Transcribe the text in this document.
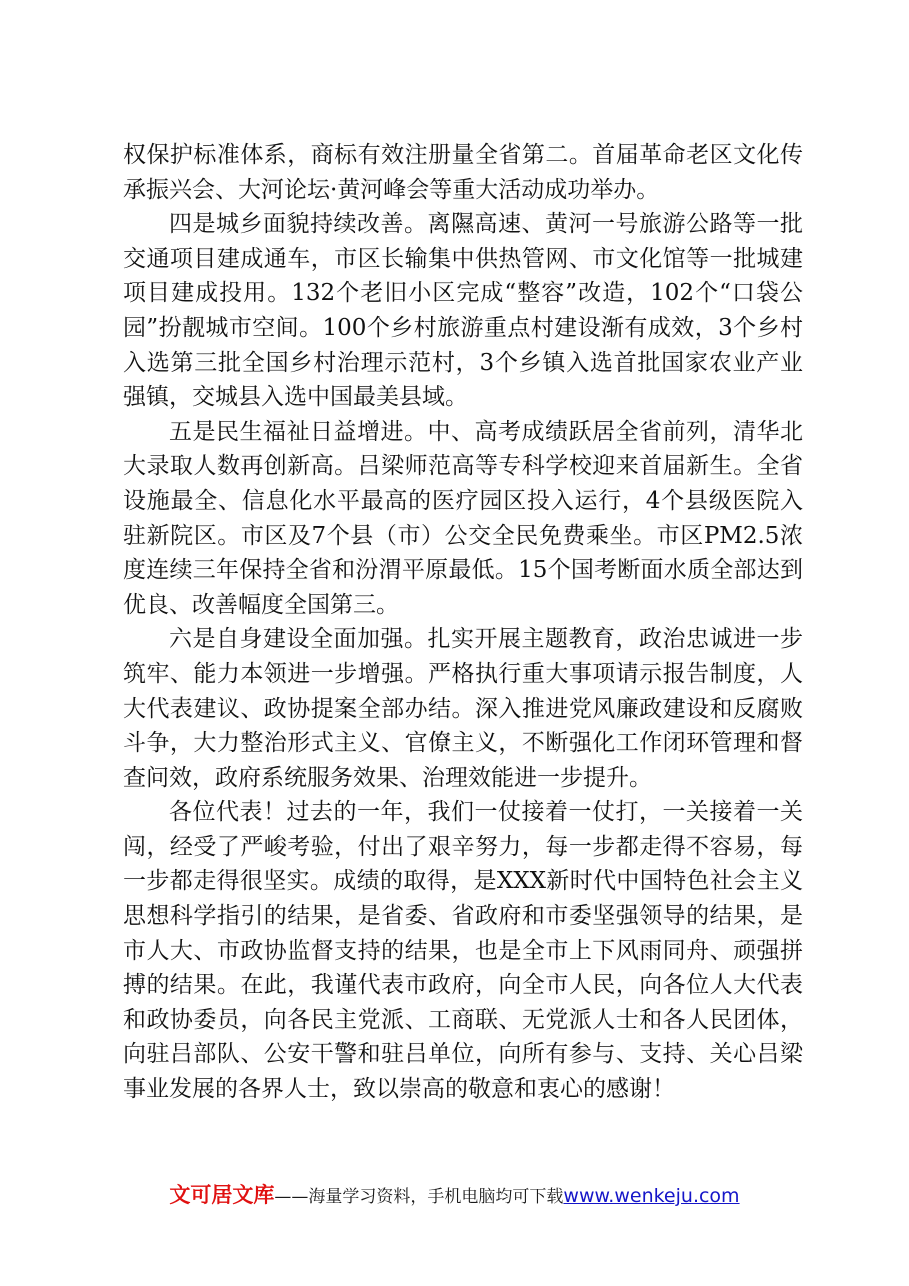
权保护标准体系，商标有效注册量全省第二。首届革命老区文化传承振兴会、大河论坛·黄河峰会等重大活动成功举办。

四是城乡面貌持续改善。离隰高速、黄河一号旅游公路等一批交通项目建成通车，市区长输集中供热管网、市文化馆等一批城建项目建成投用。132个老旧小区完成“整容”改造，102个“口袋公园”扮靓城市空间。100个乡村旅游重点村建设渐有成效，3个乡村入选第三批全国乡村治理示范村，3个乡镇入选首批国家农业产业强镇，交城县入选中国最美县域。

五是民生福祉日益增进。中、高考成绩跃居全省前列，清华北大录取人数再创新高。吕梁师范高等专科学校迎来首届新生。全省设施最全、信息化水平最高的医疗园区投入运行，4个县级医院入驻新院区。市区及7个县（市）公交全民免费乘坐。市区PM2.5浓度连续三年保持全省和汾渭平原最低。15个国考断面水质全部达到优良、改善幅度全国第三。

六是自身建设全面加强。扎实开展主题教育，政治忠诚进一步筑牢、能力本领进一步增强。严格执行重大事项请示报告制度，人大代表建议、政协提案全部办结。深入推进党风廉政建设和反腐败斗争，大力整治形式主义、官僚主义，不断强化工作闭环管理和督查问效，政府系统服务效果、治理效能进一步提升。

各位代表！过去的一年，我们一仗接着一仗打，一关接着一关闯，经受了严峻考验，付出了艰辛努力，每一步都走得不容易，每一步都走得很坚实。成绩的取得，是XXX新时代中国特色社会主义思想科学指引的结果，是省委、省政府和市委坚强领导的结果，是市人大、市政协监督支持的结果，也是全市上下风雨同舟、顽强拼搏的结果。在此，我谨代表市政府，向全市人民，向各位人大代表和政协委员，向各民主党派、工商联、无党派人士和各人民团体，向驻吕部队、公安干警和驻吕单位，向所有参与、支持、关心吕梁事业发展的各界人士，致以崇高的敬意和衷心的感谢！

文可居文库——海量学习资料，手机电脑均可下载www.wenkeju.com
